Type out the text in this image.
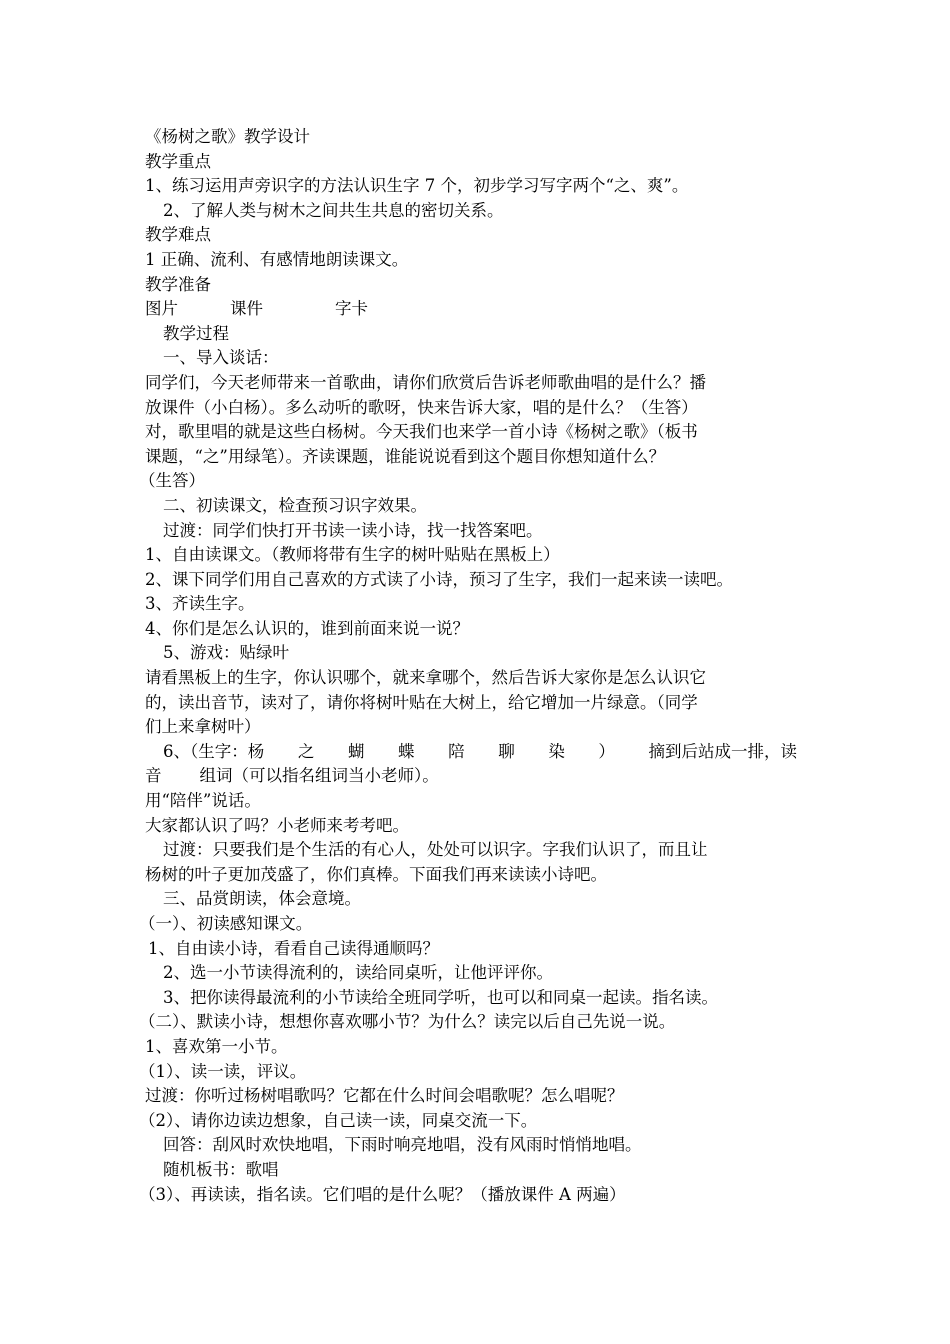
《杨树之歌》教学设计
教学重点
1、练习运用声旁识字的方法认识生字 7 个，初步学习写字两个“之、爽”。
2、了解人类与树木之间共生共息的密切关系。
教学难点
1 正确、流利、有感情地朗读课文。
教学准备
图片	课件	字卡
教学过程
一、导入谈话：
同学们，今天老师带来一首歌曲，请你们欣赏后告诉老师歌曲唱的是什么？播
放课件（小白杨）。多么动听的歌呀，快来告诉大家，唱的是什么？（生答）
对，歌里唱的就是这些白杨树。今天我们也来学一首小诗《杨树之歌》（板书
课题，“之”用绿笔）。齐读课题，谁能说说看到这个题目你想知道什么？
（生答）
二、初读课文，检查预习识字效果。
过渡：同学们快打开书读一读小诗，找一找答案吧。
1、自由读课文。（教师将带有生字的树叶贴贴在黑板上）
2、课下同学们用自己喜欢的方式读了小诗，预习了生字，我们一起来读一读吧。
3、齐读生字。
4、你们是怎么认识的，谁到前面来说一说？
5、游戏：贴绿叶
请看黑板上的生字，你认识哪个，就来拿哪个，然后告诉大家你是怎么认识它
的，读出音节，读对了，请你将树叶贴在大树上，给它增加一片绿意。（同学
们上来拿树叶）
6、（生字：杨 之 蝴 蝶 陪 聊 染 ） 摘到后站成一排，读
音 组词（可以指名组词当小老师）。
用“陪伴”说话。
大家都认识了吗？小老师来考考吧。
过渡：只要我们是个生活的有心人，处处可以识字。字我们认识了，而且让
杨树的叶子更加茂盛了，你们真棒。下面我们再来读读小诗吧。
三、品赏朗读，体会意境。
（一）、初读感知课文。
1、自由读小诗，看看自己读得通顺吗？
2、选一小节读得流利的，读给同桌听，让他评评你。
3、把你读得最流利的小节读给全班同学听，也可以和同桌一起读。指名读。
（二）、默读小诗，想想你喜欢哪小节？为什么？读完以后自己先说一说。
1、喜欢第一小节。
（1）、读一读，评议。
过渡：你听过杨树唱歌吗？它都在什么时间会唱歌呢？怎么唱呢？
（2）、请你边读边想象，自己读一读，同桌交流一下。
回答：刮风时欢快地唱，下雨时响亮地唱，没有风雨时悄悄地唱。
随机板书：歌唱
（3）、再读读，指名读。它们唱的是什么呢？（播放课件 A 两遍）
